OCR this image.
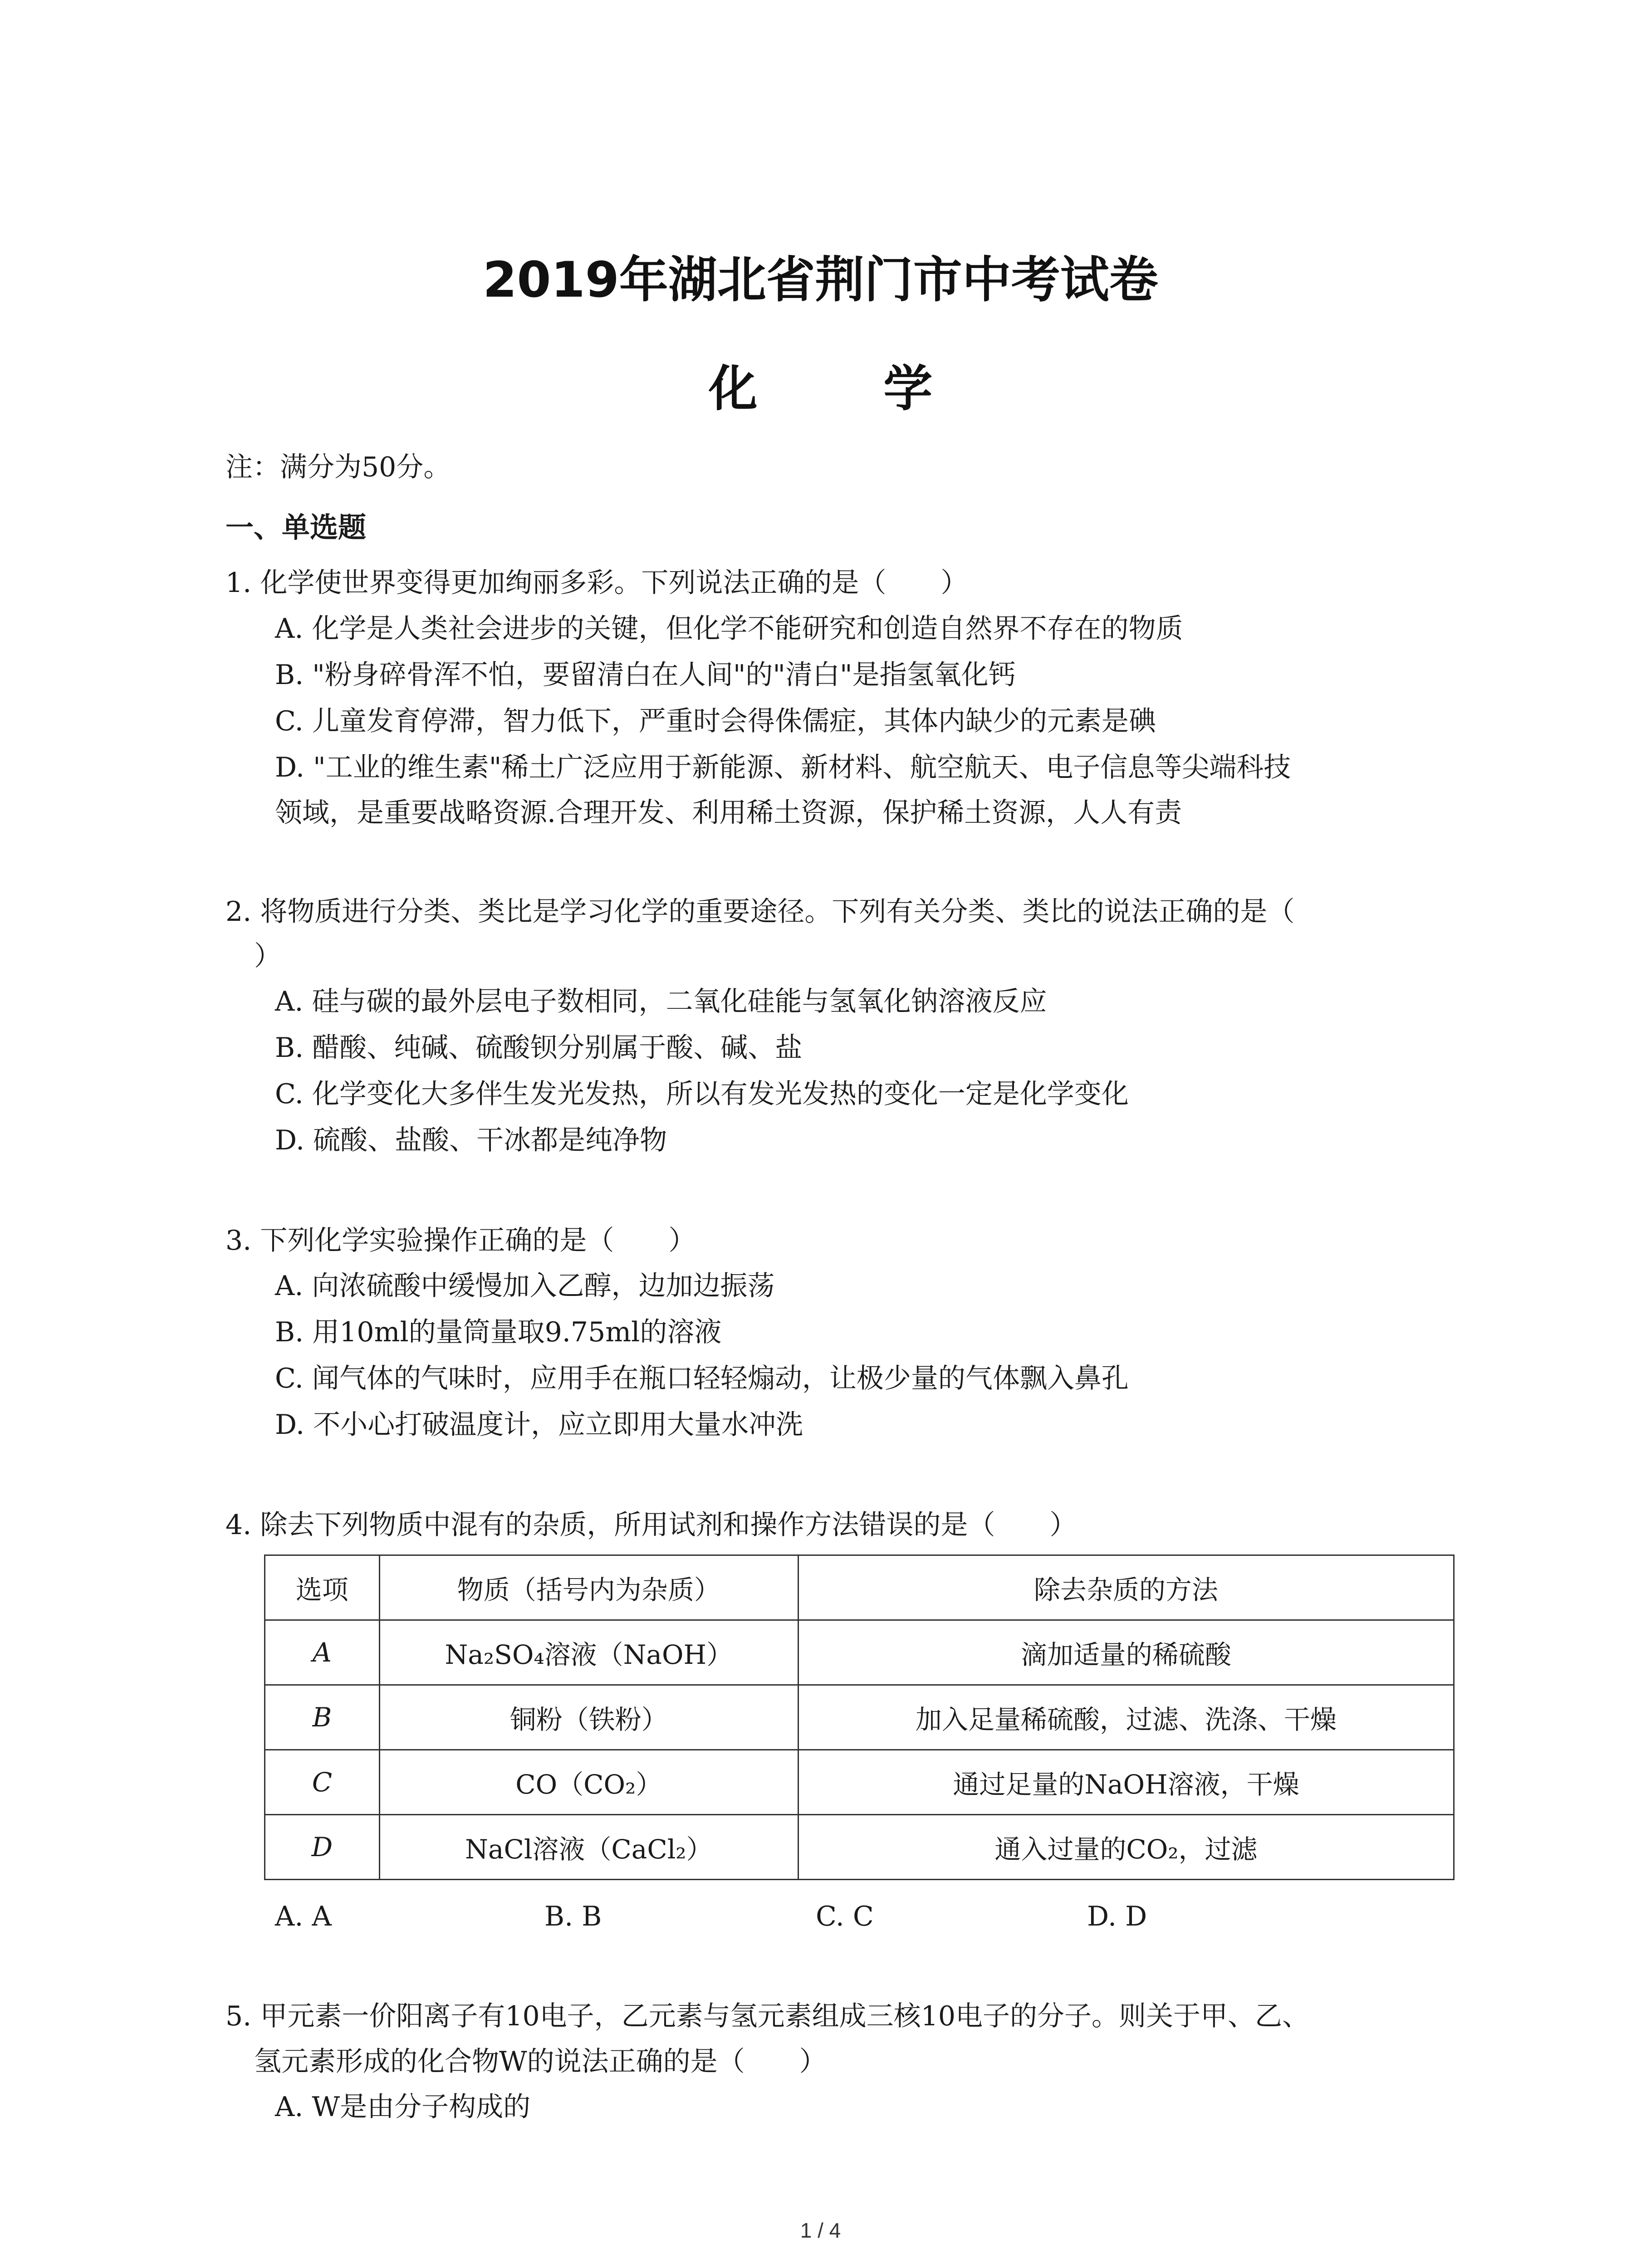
2019年湖北省荆门市中考试卷
化 学
注：满分为50分。
一、单选题
1. 化学使世界变得更加绚丽多彩。下列说法正确的是（　　）
A. 化学是人类社会进步的关键，但化学不能研究和创造自然界不存在的物质
B. "粉身碎骨浑不怕，要留清白在人间"的"清白"是指氢氧化钙
C. 儿童发育停滞，智力低下，严重时会得侏儒症，其体内缺少的元素是碘
D. "工业的维生素"稀土广泛应用于新能源、新材料、航空航天、电子信息等尖端科技
领域，是重要战略资源.合理开发、利用稀土资源，保护稀土资源，人人有责
2. 将物质进行分类、类比是学习化学的重要途径。下列有关分类、类比的说法正确的是（
）
A. 硅与碳的最外层电子数相同，二氧化硅能与氢氧化钠溶液反应
B. 醋酸、纯碱、硫酸钡分别属于酸、碱、盐
C. 化学变化大多伴生发光发热，所以有发光发热的变化一定是化学变化
D. 硫酸、盐酸、干冰都是纯净物
3. 下列化学实验操作正确的是（　　）
A. 向浓硫酸中缓慢加入乙醇，边加边振荡
B. 用10ml的量筒量取9.75ml的溶液
C. 闻气体的气味时，应用手在瓶口轻轻煽动，让极少量的气体飘入鼻孔
D. 不小心打破温度计，应立即用大量水冲洗
4. 除去下列物质中混有的杂质，所用试剂和操作方法错误的是（　　）
选项	物质（括号内为杂质）	除去杂质的方法
A	Na₂SO₄溶液（NaOH）	滴加适量的稀硫酸
B	铜粉（铁粉）	加入足量稀硫酸，过滤、洗涤、干燥
C	CO（CO₂）	通过足量的NaOH溶液，干燥
D	NaCl溶液（CaCl₂）	通入过量的CO₂，过滤
A. A	B. B	C. C	D. D
5. 甲元素一价阳离子有10电子，乙元素与氢元素组成三核10电子的分子。则关于甲、乙、
氢元素形成的化合物W的说法正确的是（　　）
A. W是由分子构成的
1 / 4
